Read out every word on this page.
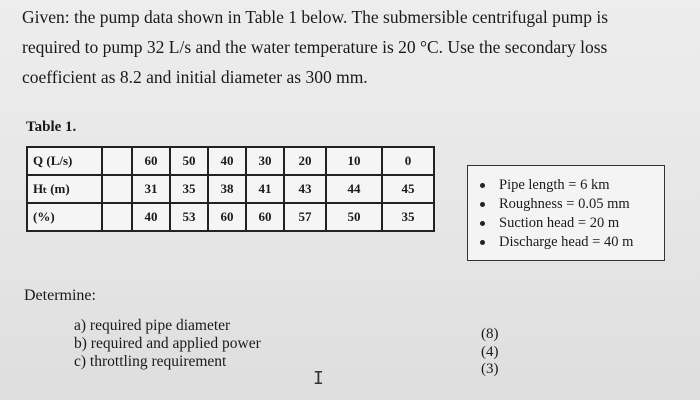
Given: the pump data shown in Table 1 below. The submersible centrifugal pump is

required to pump 32 L/s and the water temperature is 20 °C. Use the secondary loss

coefficient as 8.2 and initial diameter as 300 mm.

Table 1.
Q (L/s)		60	50	40	30	20	10	0
Hₜ (m)		31	35	38	41	43	44	45
(%)		40	53	60	60	57	50	35
Pipe length = 6 km
Roughness = 0.05 mm
Suction head = 20 m
Discharge head = 40 m
Determine:
a) required pipe diameter
b) required and applied power
c) throttling requirement
(8)
(4)
(3)
I
